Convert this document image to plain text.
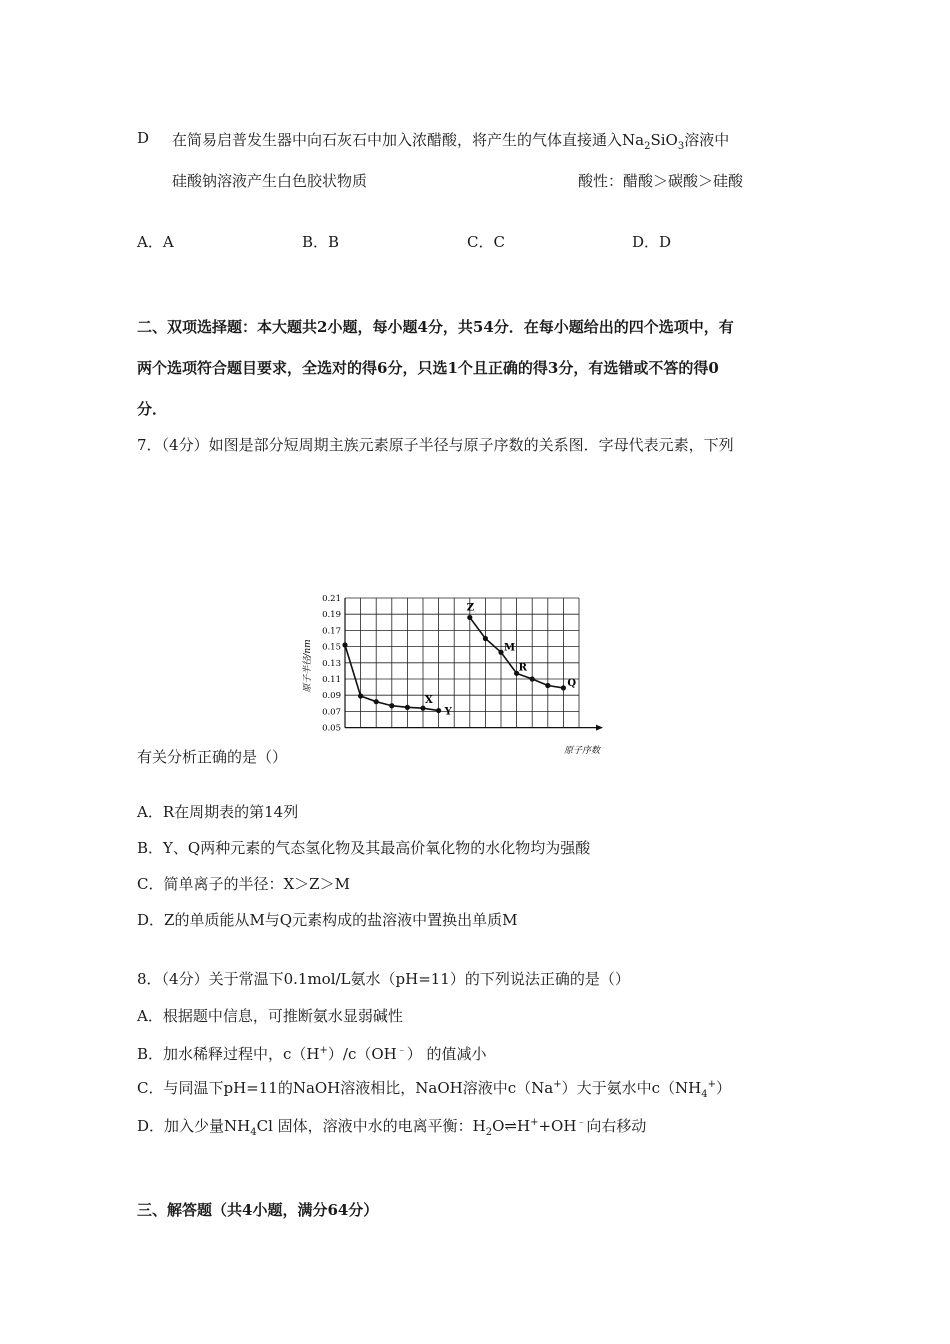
D 在简易启普发生器中向石灰石中加入浓醋酸，将产生的气体直接通入$Na_2SiO_3$溶液中
硅酸钠溶液产生白色胶状物质	酸性：醋酸＞碳酸＞硅酸
A．A	B．B	C．C	D．D
二、双项选择题：本大题共2小题，每小题4分，共54分．在每小题给出的四个选项中，有
两个选项符合题目要求，全选对的得6分，只选1个且正确的得3分，有选错或不答的得0
分．
7．（4分）如图是部分短周期主族元素原子半径与原子序数的关系图．字母代表元素，下列
0.21
0.19
0.17
0.15
0.13
0.11
0.09
0.07
0.05
X
Y
Z
M
R
Q
原子半径/nm
原子序数
有关分析正确的是（）
A．R在周期表的第14列
B．Y、Q两种元素的气态氢化物及其最高价氧化物的水化物均为强酸
C．简单离子的半径：X＞Z＞M
D．Z的单质能从M与Q元素构成的盐溶液中置换出单质M
8．（4分）关于常温下0.1mol/L氨水（pH=11）的下列说法正确的是（）
A．根据题中信息，可推断氨水显弱碱性
B．加水稀释过程中，c（H+）/c（OH﹣） 的值减小
C．与同温下pH=11的NaOH溶液相比，NaOH溶液中c（Na+）大于氨水中$c(NH_4^+)$
D．加入少量$NH_4Cl$ 固体，溶液中水的电离平衡：$H_2O\rightleftharpoons H^++OH^﹣$向右移动
三、解答题（共4小题，满分64分）
